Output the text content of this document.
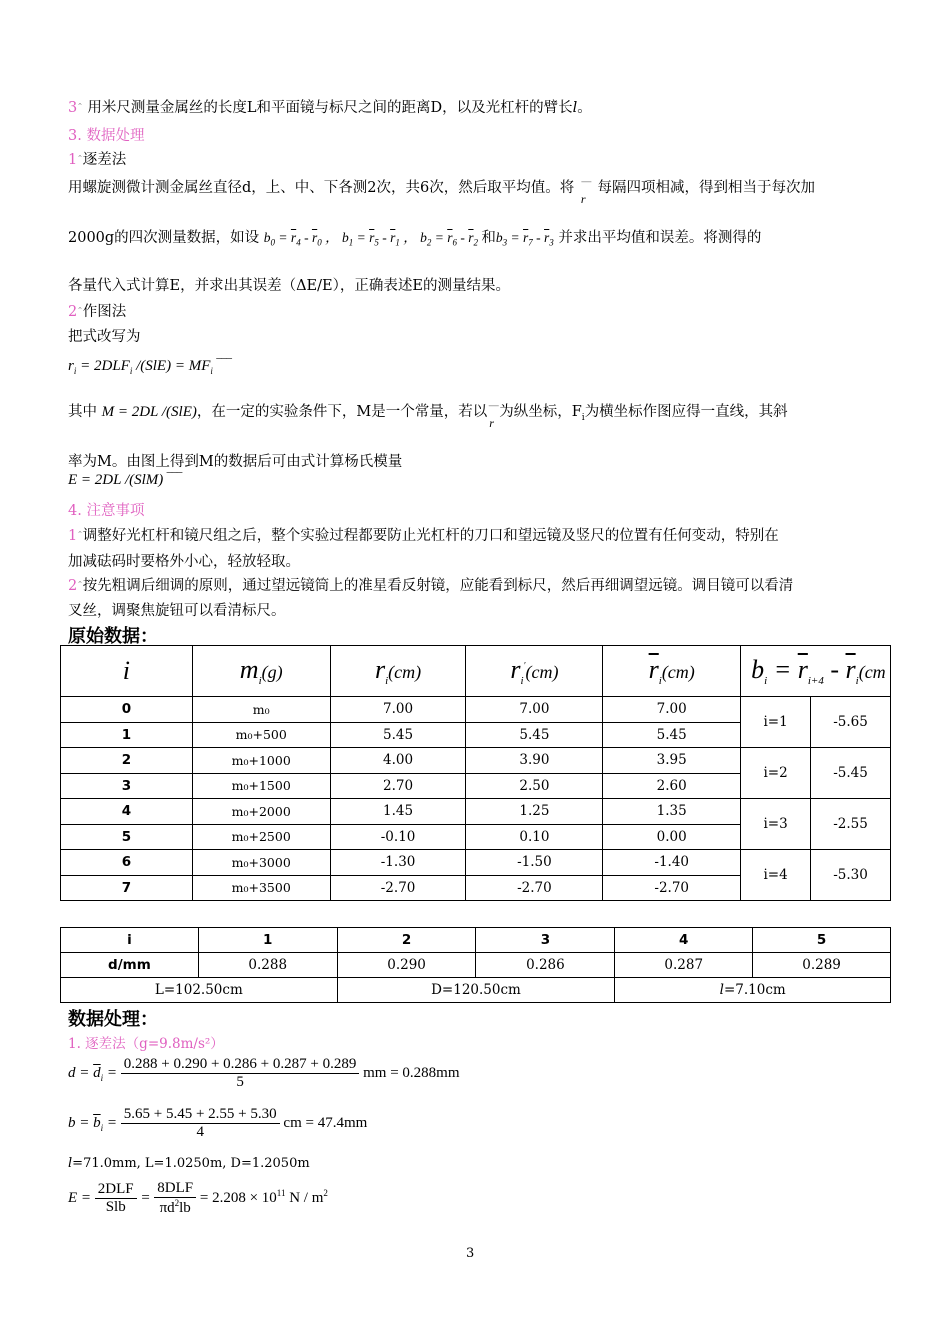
3ˆ 用米尺测量金属丝的长度L和平面镜与标尺之间的距离D，以及光杠杆的臂长l。
3. 数据处理
1ˆ逐差法
用螺旋测微计测金属丝直径d，上、中、下各测2次，共6次，然后取平均值。将 —
r
每隔四项相减，得到相当于每次加
2000g的四次测量数据，如设 $b_0 = \overline{r}_4 - \overline{r}_0$ ， $b_1 = \overline{r}_5 - \overline{r}_1$ ， $b_2 = \overline{r}_6 - \overline{r}_2$ 和$b_3 = \overline{r}_7 - \overline{r}_3$ 并求出平均值和误差。将测得的
各量代入式计算E，并求出其误差（ΔE/E），正确表述E的测量结果。
2ˆ作图法
把式改写为
$r_i = 2DLF_i$ $/(SlE) = MF_i$ ‾‾‾
其中 M = 2DL /(SlE)，在一定的实验条件下，M是一个常量，若以 —
r
为纵坐标，$F_i$为横坐标作图应得一直线，其斜
率为M。由图上得到M的数据后可由式计算杨氏模量
E = 2DL /(SlM) ‾‾‾
4. 注意事项
1ˆ调整好光杠杆和镜尺组之后，整个实验过程都要防止光杠杆的刀口和望远镜及竖尺的位置有任何变动，特别在
加减砝码时要格外小心，轻放轻取。
2ˆ按先粗调后细调的原则，通过望远镜筒上的准星看反射镜，应能看到标尺，然后再细调望远镜。调目镜可以看清
叉丝，调聚焦旋钮可以看清标尺。
原始数据：
i	$m_i(g)$	$r_i(cm)$	$r_i'(cm)$	$\overline{r}_i(cm)$	$b_i = \overline{r}_{i+4} - \overline{r}_i(cm$	
0	m₀	7.00	7.00	7.00	i=1	-5.65
1	m₀+500	5.45	5.45	5.45		
2	m₀+1000	4.00	3.90	3.95	i=2	-5.45
3	m₀+1500	2.70	2.50	2.60		
4	m₀+2000	1.45	1.25	1.35	i=3	-2.55
5	m₀+2500	-0.10	0.10	0.00		
6	m₀+3000	-1.30	-1.50	-1.40	i=4	-5.30
7	m₀+3500	-2.70	-2.70	-2.70		
i	1	2	3	4	5
d/mm	0.288	0.290	0.286	0.287	0.289
L=102.50cm		D=120.50cm		l=7.10cm	
数据处理：
1. 逐差法（g=9.8m/s²）
$d = \overline{d}_i = \frac{0.288 + 0.290 + 0.286 + 0.287 + 0.289}{5}$ mm = 0.288mm
$b = \overline{b}_i = \frac{5.65 + 5.45 + 2.55 + 5.30}{4}$ cm = 47.4mm
l=71.0mm, L=1.0250m, D=1.2050m
$E = \frac{\text{2DLF}}{\text{Slb}} = \frac{\text{8DLF}}{\pi d^2lb} = 2.208 \times 10^{11}$ N / $m^2$
3
